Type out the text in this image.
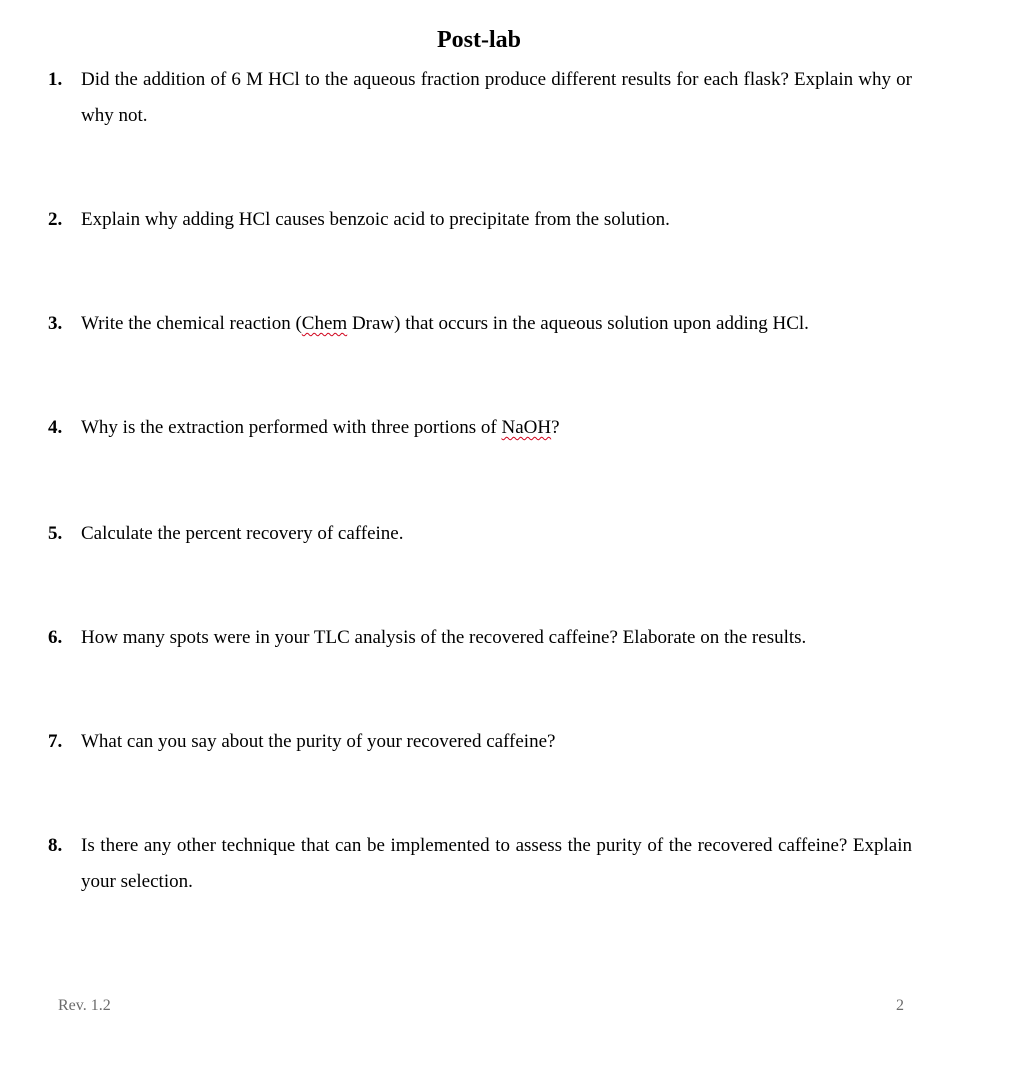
Post-lab
1. Did the addition of 6 M HCl to the aqueous fraction produce different results for each flask? Explain why or why not.
2. Explain why adding HCl causes benzoic acid to precipitate from the solution.
3. Write the chemical reaction (Chem Draw) that occurs in the aqueous solution upon adding HCl.
4. Why is the extraction performed with three portions of NaOH?
5. Calculate the percent recovery of caffeine.
6. How many spots were in your TLC analysis of the recovered caffeine? Elaborate on the results.
7. What can you say about the purity of your recovered caffeine?
8. Is there any other technique that can be implemented to assess the purity of the recovered caffeine? Explain your selection.
Rev. 1.2	2
